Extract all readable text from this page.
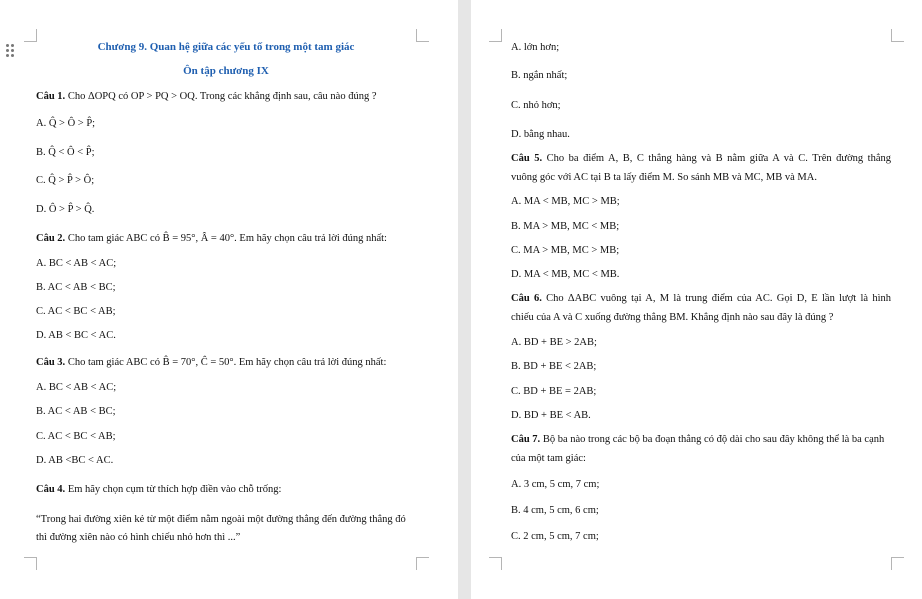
Chương 9. Quan hệ giữa các yếu tố trong một tam giác
Ôn tập chương IX
Câu 1. Cho ΔOPQ có OP > PQ > OQ. Trong các khẳng định sau, câu nào đúng ?
A. Q̂ > Ô > P̂;
B. Q̂ < Ô < P̂;
C. Q̂ > P̂ > Ô;
D. Ô > P̂ > Q̂.
Câu 2. Cho tam giác ABC có B̂ = 95°, Â = 40°. Em hãy chọn câu trả lời đúng nhất:
A. BC < AB < AC;
B. AC < AB < BC;
C. AC < BC < AB;
D. AB < BC < AC.
Câu 3. Cho tam giác ABC có B̂ = 70°, Ĉ = 50°. Em hãy chọn câu trả lời đúng nhất:
A. BC < AB < AC;
B. AC < AB < BC;
C. AC < BC < AB;
D. AB <BC < AC.
Câu 4. Em hãy chọn cụm từ thích hợp điền vào chỗ trống:
“Trong hai đường xiên kẻ từ một điểm nằm ngoài một đường thẳng đến đường thẳng đó
thì đường xiên nào có hình chiếu nhỏ hơn thì ...”
A. lớn hơn;
B. ngắn nhất;
C. nhỏ hơn;
D. bằng nhau.
Câu 5. Cho ba điểm A, B, C thẳng hàng và B nằm giữa A và C. Trên đường thẳng
vuông góc với AC tại B ta lấy điểm M. So sánh MB và MC, MB và MA.
A. MA < MB, MC > MB;
B. MA > MB, MC < MB;
C. MA > MB, MC > MB;
D. MA < MB, MC < MB.
Câu 6. Cho ΔABC vuông tại A, M là trung điểm của AC. Gọi D, E lần lượt là hình
chiếu của A và C xuống đường thẳng BM. Khẳng định nào sau đây là đúng ?
A. BD + BE > 2AB;
B. BD + BE < 2AB;
C. BD + BE = 2AB;
D. BD + BE < AB.
Câu 7. Bộ ba nào trong các bộ ba đoạn thẳng có độ dài cho sau đây không thể là ba cạnh
của một tam giác:
A. 3 cm, 5 cm, 7 cm;
B. 4 cm, 5 cm, 6 cm;
C. 2 cm, 5 cm, 7 cm;
